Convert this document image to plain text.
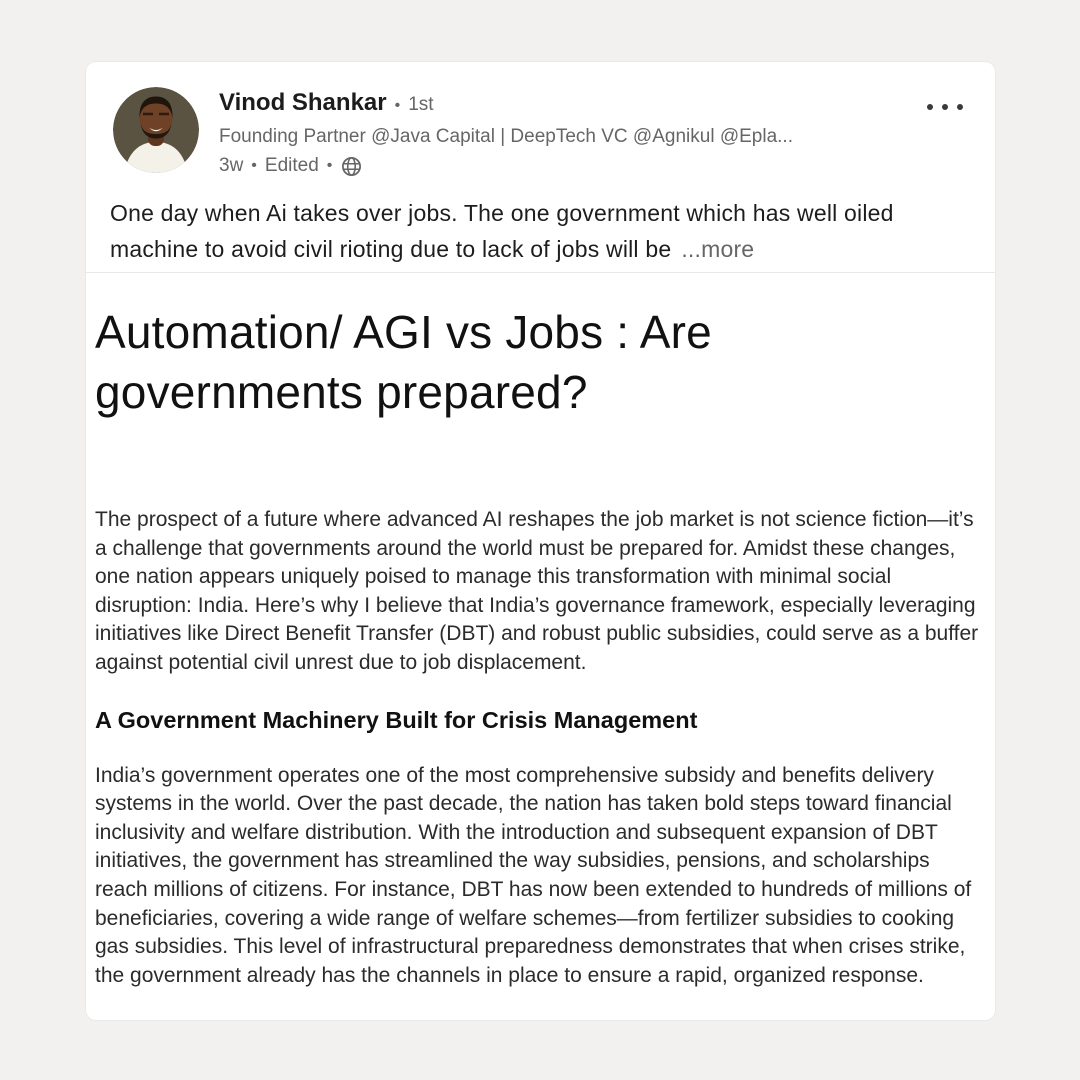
Vinod Shankar • 1st
Founding Partner @Java Capital | DeepTech VC @Agnikul @Epla...
3w • Edited •
One day when Ai takes over jobs. The one government which has well oiled machine to avoid civil rioting due to lack of jobs will be ...more
Automation/ AGI vs Jobs : Are governments prepared?

The prospect of a future where advanced AI reshapes the job market is not science fiction—it’s a challenge that governments around the world must be prepared for. Amidst these changes, one nation appears uniquely poised to manage this transformation with minimal social disruption: India. Here’s why I believe that India’s governance framework, especially leveraging initiatives like Direct Benefit Transfer (DBT) and robust public subsidies, could serve as a buffer against potential civil unrest due to job displacement.

A Government Machinery Built for Crisis Management

India’s government operates one of the most comprehensive subsidy and benefits delivery systems in the world. Over the past decade, the nation has taken bold steps toward financial inclusivity and welfare distribution. With the introduction and subsequent expansion of DBT initiatives, the government has streamlined the way subsidies, pensions, and scholarships reach millions of citizens. For instance, DBT has now been extended to hundreds of millions of beneficiaries, covering a wide range of welfare schemes—from fertilizer subsidies to cooking gas subsidies. This level of infrastructural preparedness demonstrates that when crises strike, the government already has the channels in place to ensure a rapid, organized response.
